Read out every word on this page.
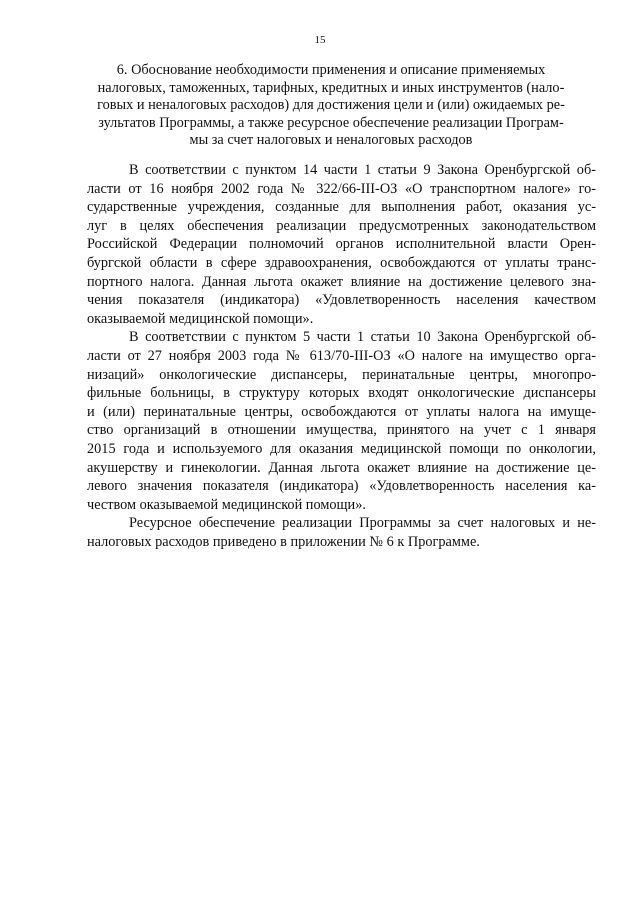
15
6. Обоснование необходимости применения и описание применяемых
налоговых, таможенных, тарифных, кредитных и иных инструментов (нало-
говых и неналоговых расходов) для достижения цели и (или) ожидаемых ре-
зультатов Программы, а также ресурсное обеспечение реализации Програм-
мы за счет налоговых и неналоговых расходов

В соответствии с пунктом 14 части 1 статьи 9 Закона Оренбургской об-
ласти от 16 ноября 2002 года № 322/66-III-ОЗ «О транспортном налоге» го-
сударственные учреждения, созданные для выполнения работ, оказания ус-
луг в целях обеспечения реализации предусмотренных законодательством
Российской Федерации полномочий органов исполнительной власти Орен-
бургской области в сфере здравоохранения, освобождаются от уплаты транс-
портного налога. Данная льгота окажет влияние на достижение целевого зна-
чения показателя (индикатора) «Удовлетворенность населения качеством
оказываемой медицинской помощи».

В соответствии с пунктом 5 части 1 статьи 10 Закона Оренбургской об-
ласти от 27 ноября 2003 года № 613/70-III-ОЗ «О налоге на имущество орга-
низаций» онкологические диспансеры, перинатальные центры, многопро-
фильные больницы, в структуру которых входят онкологические диспансеры
и (или) перинатальные центры, освобождаются от уплаты налога на имуще-
ство организаций в отношении имущества, принятого на учет с 1 января
2015 года и используемого для оказания медицинской помощи по онкологии,
акушерству и гинекологии. Данная льгота окажет влияние на достижение це-
левого значения показателя (индикатора) «Удовлетворенность населения ка-
чеством оказываемой медицинской помощи».

Ресурсное обеспечение реализации Программы за счет налоговых и не-
налоговых расходов приведено в приложении № 6 к Программе.
